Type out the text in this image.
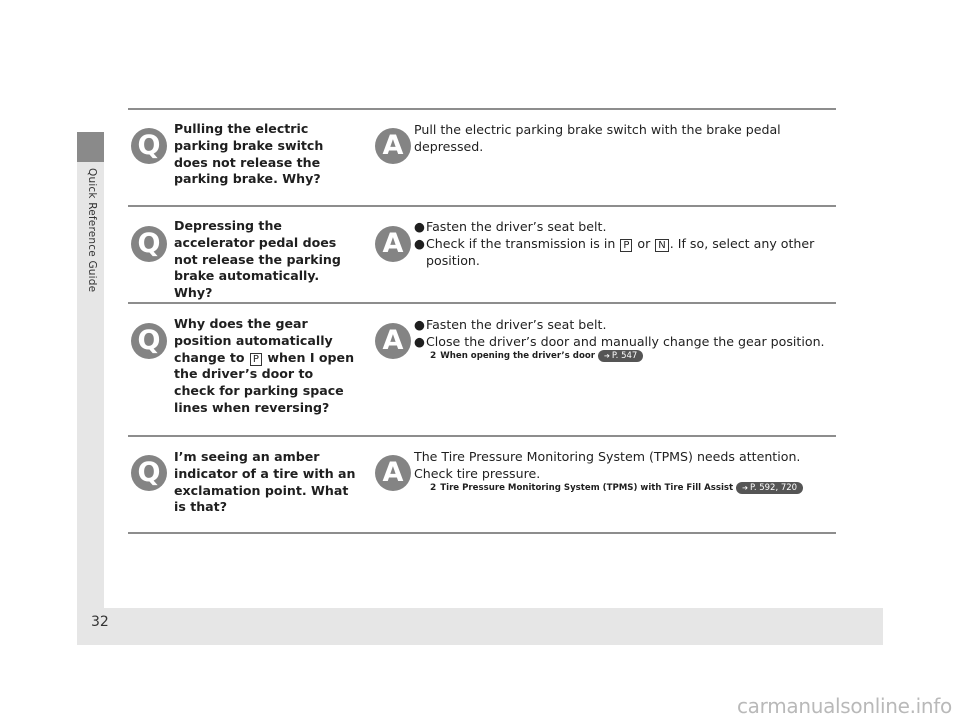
Quick Reference Guide
32
Q
Pulling the electric parking brake switch does not release the parking brake. Why?
A

Pull the electric parking brake switch with the brake pedal depressed.

Q
Depressing the accelerator pedal does not release the parking brake automatically. Why?
A

● Fasten the driver’s seat belt.

● Check if the transmission is in P or N . If so, select any other position.

Q
Why does the gear position automatically change to P when I open the driver’s door to check for parking space lines when reversing?
A

● Fasten the driver’s seat belt.

● Close the driver’s door and manually change the gear position.

2 When opening the driver’s door ➔ P. 547

Q
I’m seeing an amber indicator of a tire with an exclamation point. What is that?
A

The Tire Pressure Monitoring System (TPMS) needs attention. Check tire pressure.

2 Tire Pressure Monitoring System (TPMS) with Tire Fill Assist ➔ P. 592, 720

carmanualsonline.info
